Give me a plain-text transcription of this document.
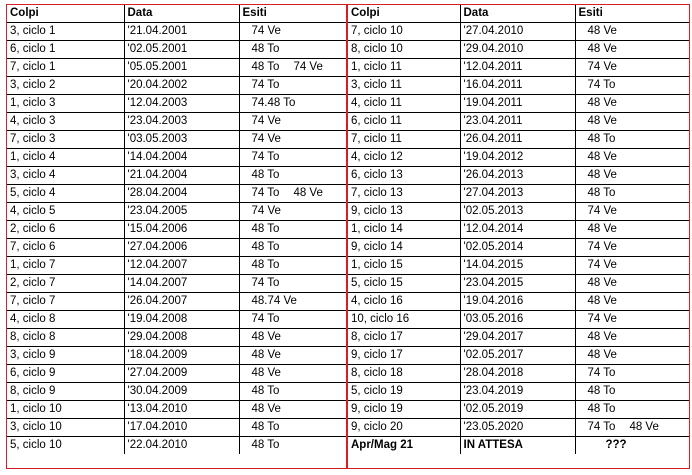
Colpi	Data	Esiti
3, ciclo 1	'21.04.2001	74 Ve
6, ciclo 1	'02.05.2001	48 To
7, ciclo 1	'05.05.2001	48 To 74 Ve
3, ciclo 2	'20.04.2002	74 To
1, ciclo 3	'12.04.2003	74.48 To
4, ciclo 3	'23.04.2003	74 Ve
7, ciclo 3	'03.05.2003	74 Ve
1, ciclo 4	'14.04.2004	74 To
3, ciclo 4	'21.04.2004	48 To
5, ciclo 4	'28.04.2004	74 To 48 Ve
4, ciclo 5	'23.04.2005	74 Ve
2, ciclo 6	'15.04.2006	48 To
7, ciclo 6	'27.04.2006	48 To
1, ciclo 7	'12.04.2007	48 To
2, ciclo 7	'14.04.2007	74 To
7, ciclo 7	'26.04.2007	48.74 Ve
4, ciclo 8	'19.04.2008	74 To
8, ciclo 8	'29.04.2008	48 Ve
3, ciclo 9	'18.04.2009	48 Ve
6, ciclo 9	'27.04.2009	48 Ve
8, ciclo 9	'30.04.2009	48 To
1, ciclo 10	'13.04.2010	48 Ve
3, ciclo 10	'17.04.2010	48 To
5, ciclo 10	'22.04.2010	48 To
Colpi	Data	Esiti
7, ciclo 10	'27.04.2010	48 Ve
8, ciclo 10	'29.04.2010	48 Ve
1, ciclo 11	'12.04.2011	74 Ve
3, ciclo 11	'16.04.2011	74 To
4, ciclo 11	'19.04.2011	48 Ve
6, ciclo 11	'23.04.2011	48 Ve
7, ciclo 11	'26.04.2011	48 To
4, ciclo 12	'19.04.2012	48 Ve
6, ciclo 13	'26.04.2013	48 Ve
7, ciclo 13	'27.04.2013	48 To
9, ciclo 13	'02.05.2013	74 Ve
1, ciclo 14	'12.04.2014	48 Ve
9, ciclo 14	'02.05.2014	74 Ve
1, ciclo 15	'14.04.2015	74 Ve
5, ciclo 15	'23.04.2015	48 Ve
4, ciclo 16	'19.04.2016	48 Ve
10, ciclo 16	'03.05.2016	74 Ve
8, ciclo 17	'29.04.2017	48 Ve
9, ciclo 17	'02.05.2017	48 Ve
8, ciclo 18	'28.04.2018	74 To
5, ciclo 19	'23.04.2019	48 To
9, ciclo 19	'02.05.2019	48 To
9, ciclo 20	'23.05.2020	74 To 48 Ve
Apr/Mag 21	IN ATTESA	???
